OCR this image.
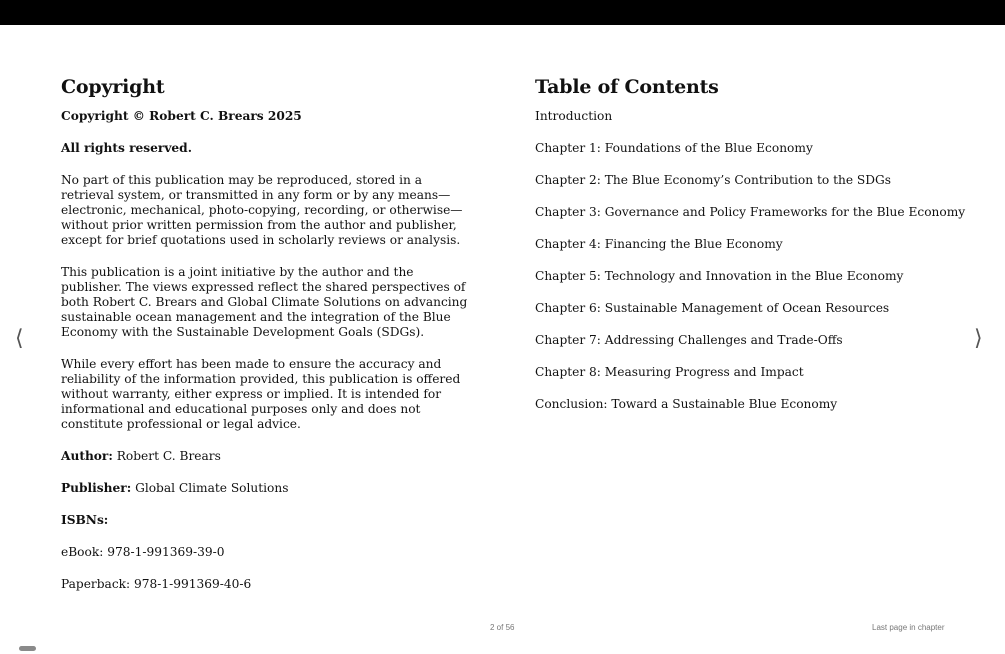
Copyright

Copyright © Robert C. Brears 2025

All rights reserved.

No part of this publication may be reproduced, stored in a retrieval system, or transmitted in any form or by any means—electronic, mechanical, photo-copying, recording, or otherwise—without prior written permission from the author and publisher, except for brief quotations used in scholarly reviews or analysis.

This publication is a joint initiative by the author and the publisher. The views expressed reflect the shared perspectives of both Robert C. Brears and Global Climate Solutions on advancing sustainable ocean management and the integration of the Blue Economy with the Sustainable Development Goals (SDGs).

While every effort has been made to ensure the accuracy and reliability of the information provided, this publication is offered without warranty, either express or implied. It is intended for informational and educational purposes only and does not constitute professional or legal advice.

Author: Robert C. Brears

Publisher: Global Climate Solutions

ISBNs:

eBook: 978-1-991369-39-0

Paperback: 978-1-991369-40-6

Table of Contents
Introduction
Chapter 1: Foundations of the Blue Economy
Chapter 2: The Blue Economy’s Contribution to the SDGs
Chapter 3: Governance and Policy Frameworks for the Blue Economy
Chapter 4: Financing the Blue Economy
Chapter 5: Technology and Innovation in the Blue Economy
Chapter 6: Sustainable Management of Ocean Resources
Chapter 7: Addressing Challenges and Trade-Offs
Chapter 8: Measuring Progress and Impact
Conclusion: Toward a Sustainable Blue Economy
⟨	⟩
2 of 56	Last page in chapter
